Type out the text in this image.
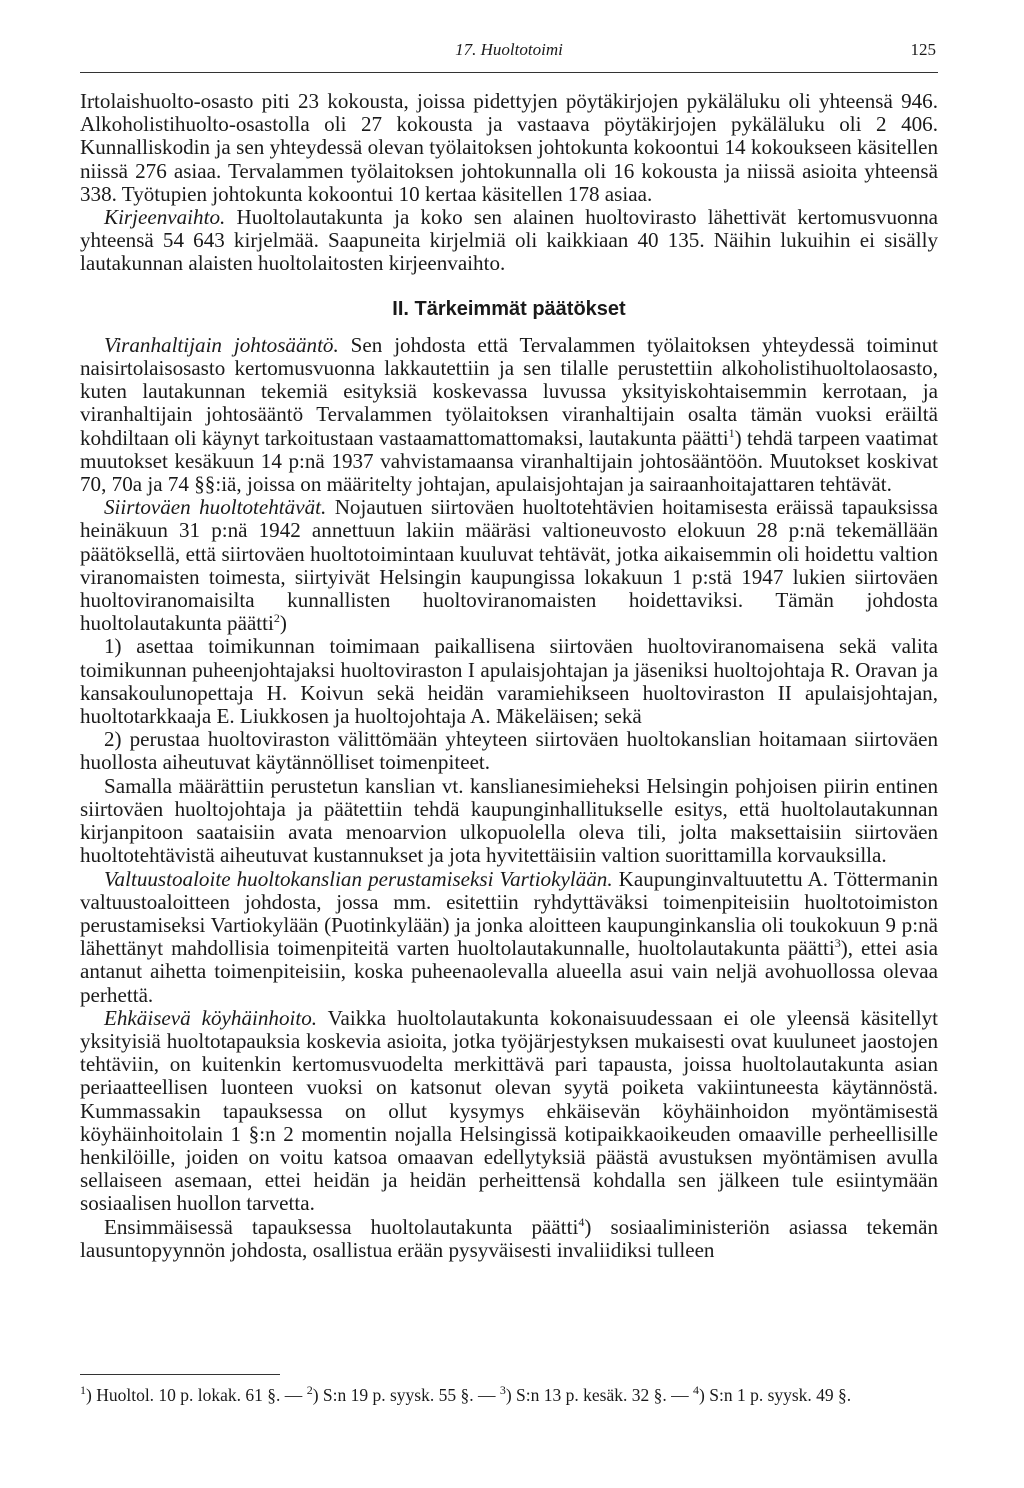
17. Huoltotoimi	125

Irtolaishuolto-osasto piti 23 kokousta, joissa pidettyjen pöytäkirjojen pykäläluku oli yhteensä 946. Alkoholistihuolto-osastolla oli 27 kokousta ja vastaava pöytäkirjojen pykäläluku oli 2 406. Kunnalliskodin ja sen yhteydessä olevan työlaitoksen johtokunta kokoontui 14 kokoukseen käsitellen niissä 276 asiaa. Tervalammen työlaitoksen johtokunnalla oli 16 kokousta ja niissä asioita yhteensä 338. Työtupien johtokunta kokoontui 10 kertaa käsitellen 178 asiaa.

Kirjeenvaihto. Huoltolautakunta ja koko sen alainen huoltovirasto lähettivät kertomusvuonna yhteensä 54 643 kirjelmää. Saapuneita kirjelmiä oli kaikkiaan 40 135. Näihin lukuihin ei sisälly lautakunnan alaisten huoltolaitosten kirjeenvaihto.

II. Tärkeimmät päätökset

Viranhaltijain johtosääntö. Sen johdosta että Tervalammen työlaitoksen yhteydessä toiminut naisirtolaisosasto kertomusvuonna lakkautettiin ja sen tilalle perustettiin alkoholistihuoltolaosasto, kuten lautakunnan tekemiä esityksiä koskevassa luvussa yksityiskohtaisemmin kerrotaan, ja viranhaltijain johtosääntö Tervalammen työlaitoksen viranhaltijain osalta tämän vuoksi eräiltä kohdiltaan oli käynyt tarkoitustaan vastaamattomattomaksi, lautakunta päätti$^1$) tehdä tarpeen vaatimat muutokset kesäkuun 14 p:nä 1937 vahvistamaansa viranhaltijain johtosääntöön. Muutokset koskivat 70, 70a ja 74 §§:iä, joissa on määritelty johtajan, apulaisjohtajan ja sairaanhoitajattaren tehtävät.

Siirtoväen huoltotehtävät. Nojautuen siirtoväen huoltotehtävien hoitamisesta eräissä tapauksissa heinäkuun 31 p:nä 1942 annettuun lakiin määräsi valtioneuvosto elokuun 28 p:nä tekemällään päätöksellä, että siirtoväen huoltotoimintaan kuuluvat tehtävät, jotka aikaisemmin oli hoidettu valtion viranomaisten toimesta, siirtyivät Helsingin kaupungissa lokakuun 1 p:stä 1947 lukien siirtoväen huoltoviranomaisilta kunnallisten huoltoviranomaisten hoidettaviksi. Tämän johdosta huoltolautakunta päätti$^2$)

1) asettaa toimikunnan toimimaan paikallisena siirtoväen huoltoviranomaisena sekä valita toimikunnan puheenjohtajaksi huoltoviraston I apulaisjohtajan ja jäseniksi huoltojohtaja R. Oravan ja kansakoulunopettaja H. Koivun sekä heidän varamiehikseen huoltoviraston II apulaisjohtajan, huoltotarkkaaja E. Liukkosen ja huoltojohtaja A. Mäkeläisen; sekä

2) perustaa huoltoviraston välittömään yhteyteen siirtoväen huoltokanslian hoitamaan siirtoväen huollosta aiheutuvat käytännölliset toimenpiteet.

Samalla määrättiin perustetun kanslian vt. kanslianesimieheksi Helsingin pohjoisen piirin entinen siirtoväen huoltojohtaja ja päätettiin tehdä kaupunginhallitukselle esitys, että huoltolautakunnan kirjanpitoon saataisiin avata menoarvion ulkopuolella oleva tili, jolta maksettaisiin siirtoväen huoltotehtävistä aiheutuvat kustannukset ja jota hyvitettäisiin valtion suorittamilla korvauksilla.

Valtuustoaloite huoltokanslian perustamiseksi Vartiokylään. Kaupunginvaltuutettu A. Töttermanin valtuustoaloitteen johdosta, jossa mm. esitettiin ryhdyttäväksi toimenpiteisiin huoltotoimiston perustamiseksi Vartiokylään (Puotinkylään) ja jonka aloitteen kaupunginkanslia oli toukokuun 9 p:nä lähettänyt mahdollisia toimenpiteitä varten huoltolautakunnalle, huoltolautakunta päätti$^3$), ettei asia antanut aihetta toimenpiteisiin, koska puheenaolevalla alueella asui vain neljä avohuollossa olevaa perhettä.

Ehkäisevä köyhäinhoito. Vaikka huoltolautakunta kokonaisuudessaan ei ole yleensä käsitellyt yksityisiä huoltotapauksia koskevia asioita, jotka työjärjestyksen mukaisesti ovat kuuluneet jaostojen tehtäviin, on kuitenkin kertomusvuodelta merkittävä pari tapausta, joissa huoltolautakunta asian periaatteellisen luonteen vuoksi on katsonut olevan syytä poiketa vakiintuneesta käytännöstä. Kummassakin tapauksessa on ollut kysymys ehkäisevän köyhäinhoidon myöntämisestä köyhäinhoitolain 1 §:n 2 momentin nojalla Helsingissä kotipaikkaoikeuden omaaville perheellisille henkilöille, joiden on voitu katsoa omaavan edellytyksiä päästä avustuksen myöntämisen avulla sellaiseen asemaan, ettei heidän ja heidän perheittensä kohdalla sen jälkeen tule esiintymään sosiaalisen huollon tarvetta.

Ensimmäisessä tapauksessa huoltolautakunta päätti$^4$) sosiaaliministeriön asiassa tekemän lausuntopyynnön johdosta, osallistua erään pysyväisesti invaliidiksi tulleen

$^1$) Huoltol. 10 p. lokak. 61 §. — $^2$) S:n 19 p. syysk. 55 §. — $^3$) S:n 13 p. kesäk. 32 §. — $^4$) S:n 1 p. syysk. 49 §.
